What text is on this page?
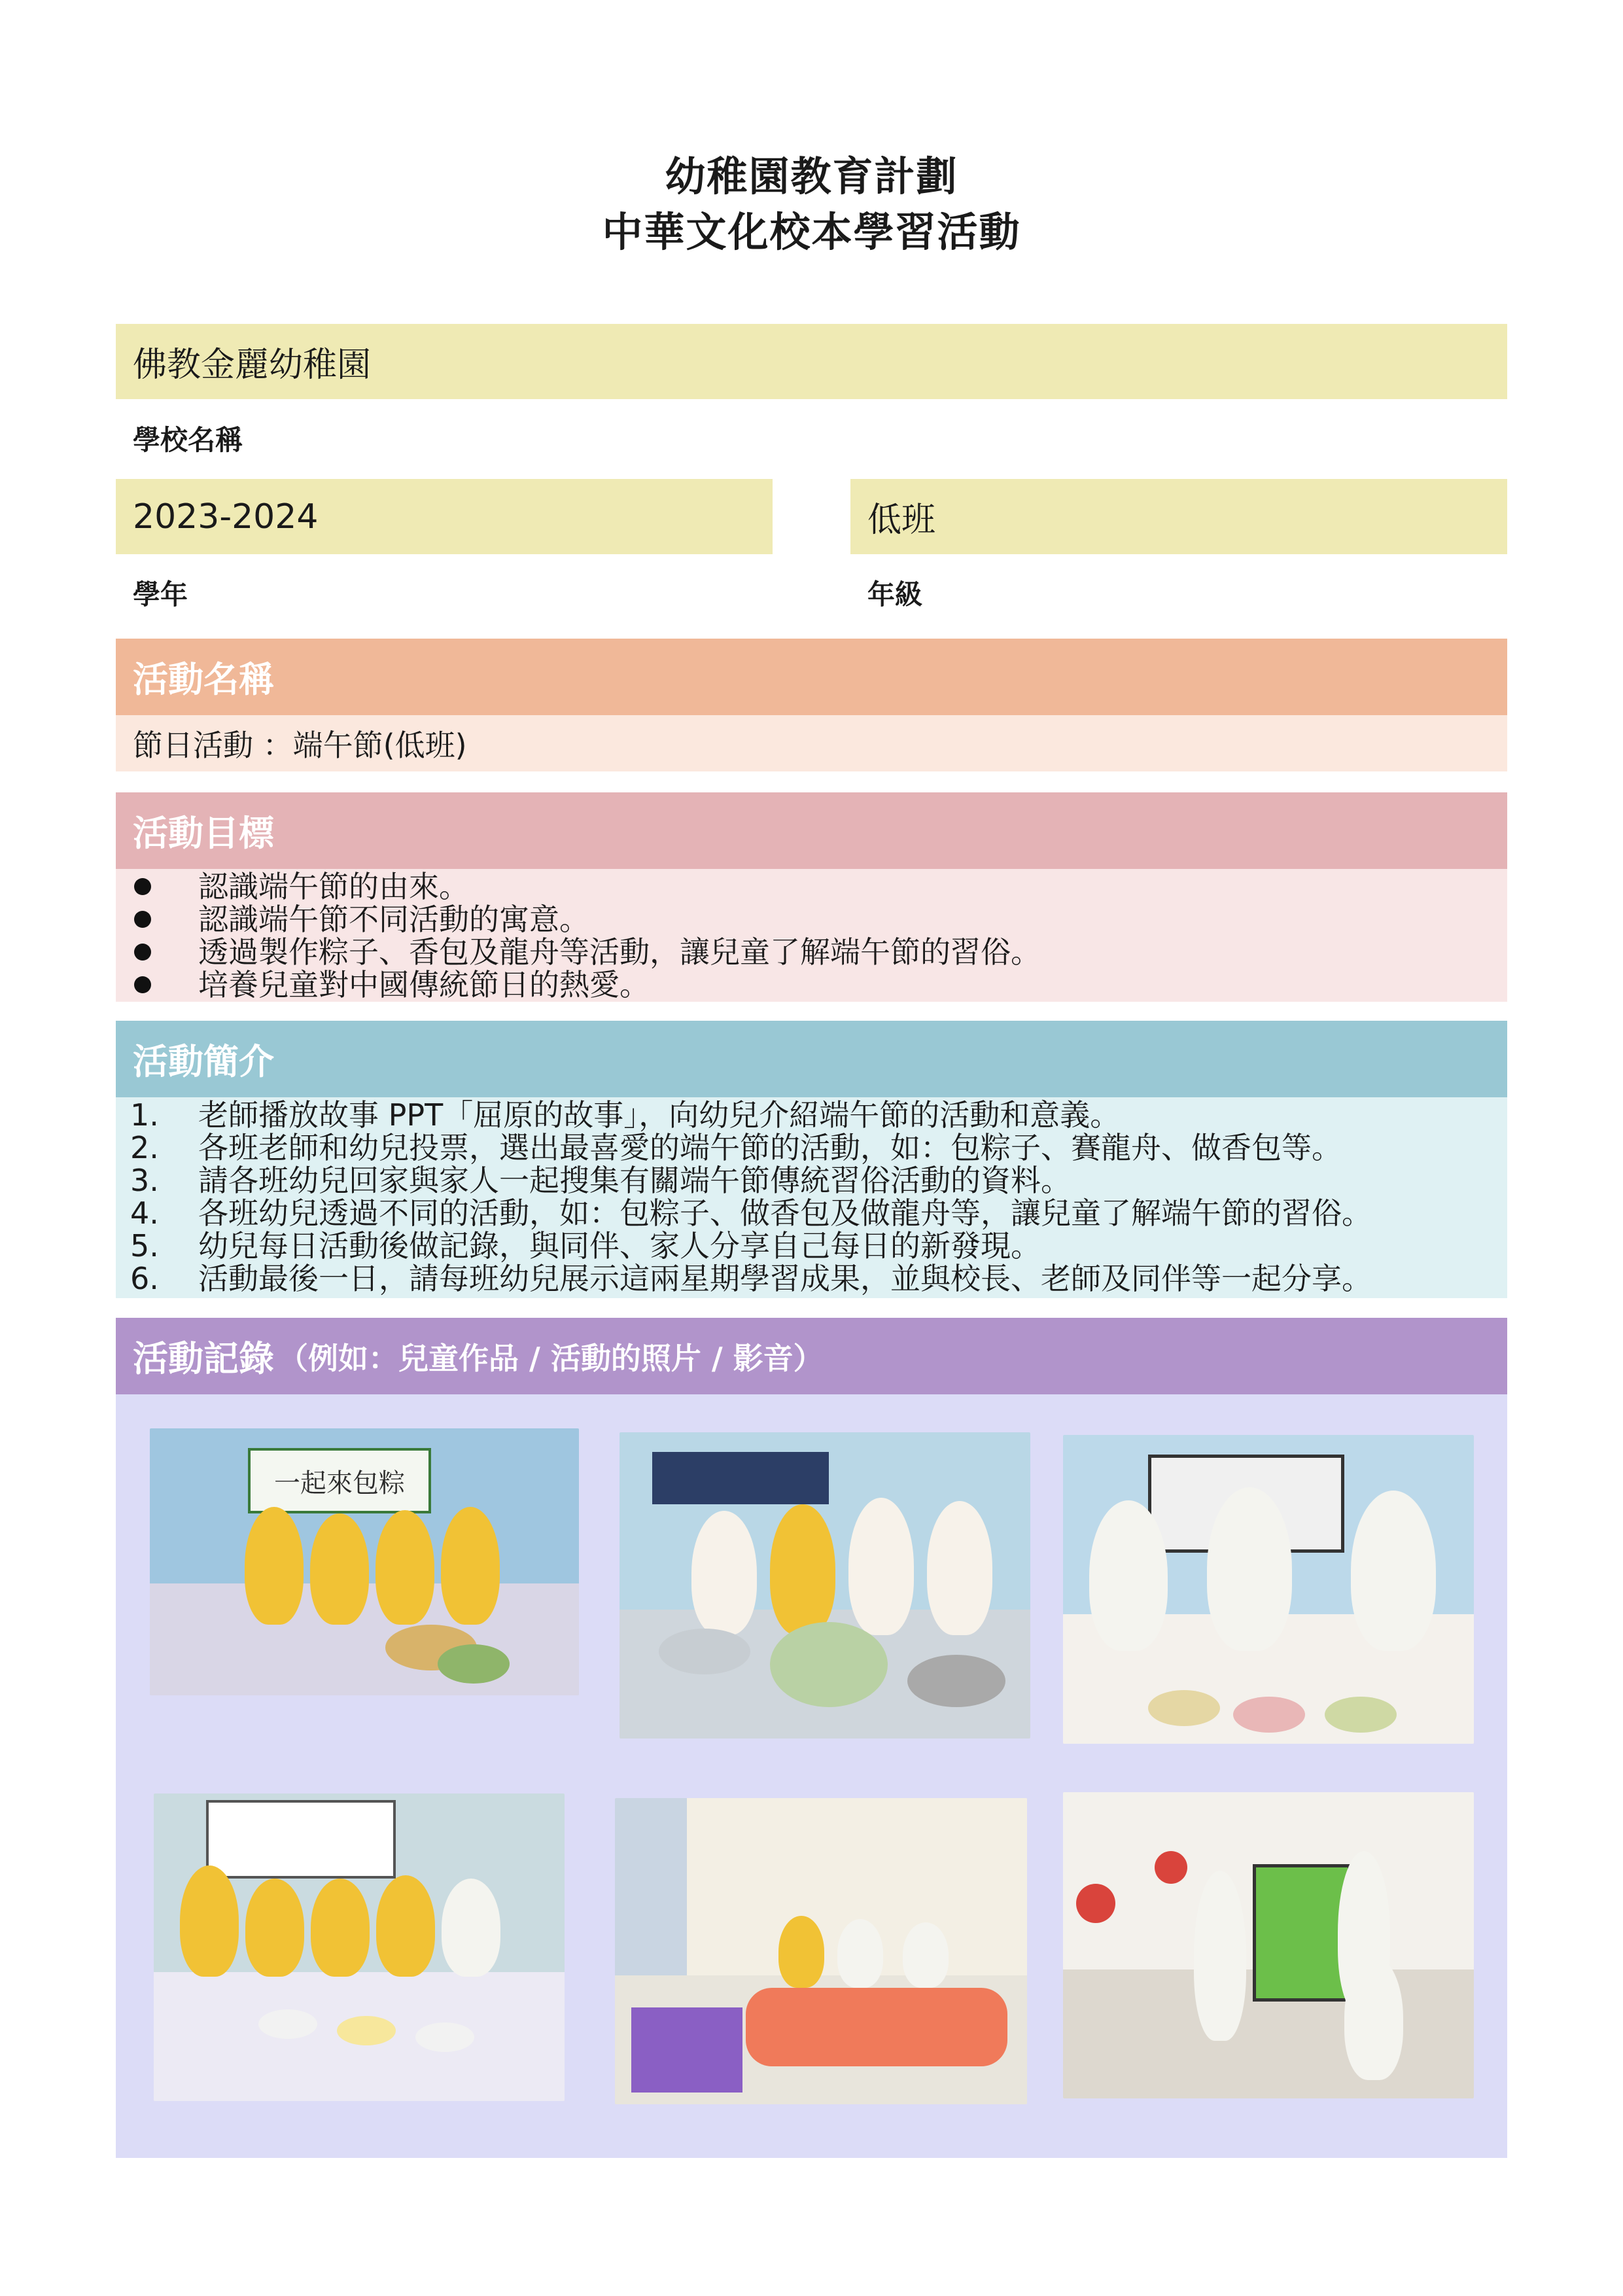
幼稚園教育計劃
中華文化校本學習活動
佛教金麗幼稚園
學校名稱
2023-2024
學年
低班
年級
活動名稱
節日活動 ：端午節(低班)
活動目標
認識端午節的由來。
認識端午節不同活動的寓意。
透過製作粽子、香包及龍舟等活動，讓兒童了解端午節的習俗。
培養兒童對中國傳統節日的熱愛。
活動簡介
1. 老師播放故事 PPT「屈原的故事」，向幼兒介紹端午節的活動和意義。
2. 各班老師和幼兒投票，選出最喜愛的端午節的活動，如：包粽子、賽龍舟、做香包等。
3. 請各班幼兒回家與家人一起搜集有關端午節傳統習俗活動的資料。
4. 各班幼兒透過不同的活動，如：包粽子、做香包及做龍舟等，讓兒童了解端午節的習俗。
5. 幼兒每日活動後做記錄，與同伴、家人分享自己每日的新發現。
6. 活動最後一日，請每班幼兒展示這兩星期學習成果，並與校長、老師及同伴等一起分享。
活動記錄 （例如：兒童作品 / 活動的照片 / 影音）
一起來包粽
